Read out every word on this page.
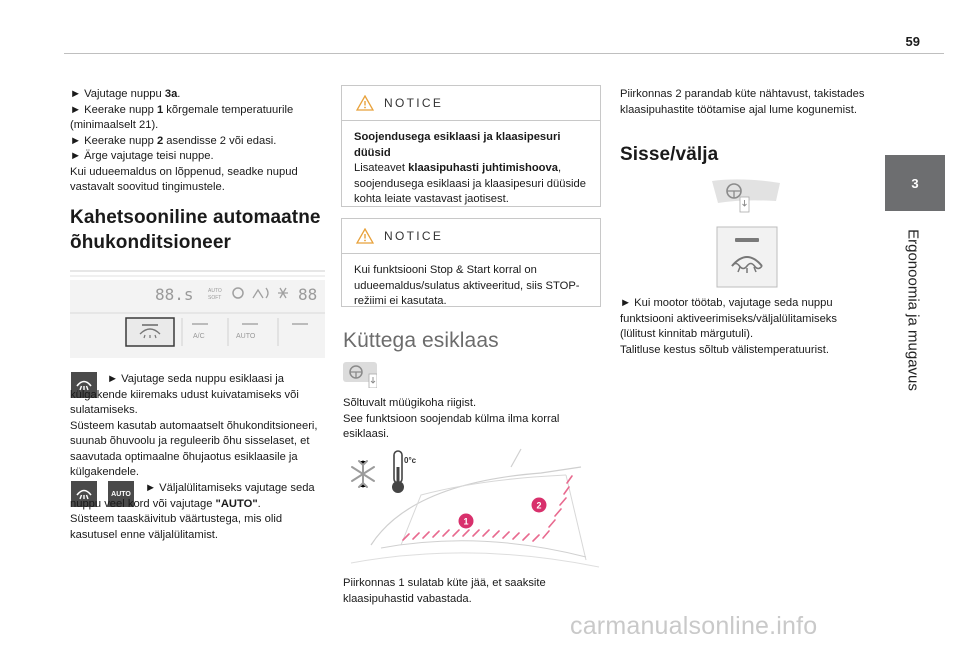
59
3
Ergonoomia ja mugavus

► Vajutage nuppu 3a.

► Keerake nupp 1 kõrgemale temperatuurile (minimaalselt 21).

► Keerake nupp 2 asendisse 2 või edasi.

► Ärge vajutage teisi nuppe.

Kui udueemaldus on lõppenud, seadke nupud vastavalt soovitud tingimustele.

Kahetsooniline automaatne õhukonditsioneer
88.s	AUTO
SOFT	88
A/C	AUTO

► Vajutage seda nuppu esiklaasi ja külgakende kiiremaks udust kuivatamiseks või sulatamiseks.

Süsteem kasutab automaatselt õhukonditsioneeri, suunab õhuvoolu ja reguleerib õhu sisselaset, et saavutada optimaalne õhujaotus esiklaasile ja külgakendele.

AUTO	► Väljalülitamiseks vajutage seda nuppu veel kord või vajutage "AUTO".

Süsteem taaskäivitub väärtustega, mis olid kasutusel enne väljalülitamist.

NOTICE

Soojendusega esiklaasi ja klaasipesuri düüsid

Lisateavet klaasipuhasti juhtimishoova, soojendusega esiklaasi ja klaasipesuri düüside kohta leiate vastavast jaotisest.

NOTICE

Kui funktsiooni Stop & Start korral on udueemaldus/sulatus aktiveeritud, siis STOP-režiimi ei kasutata.

Küttega esiklaas

Sõltuvalt müügikoha riigist.

See funktsioon soojendab külma ilma korral esiklaasi.

0°c
1
2
Piirkonnas 1 sulatab küte jää, et saaksite klaasipuhastid vabastada.
Piirkonnas 2 parandab küte nähtavust, takistades klaasipuhastite töötamise ajal lume kogunemist.
Sisse/välja

► Kui mootor töötab, vajutage seda nuppu funktsiooni aktiveerimiseks/väljalülitamiseks (lülitust kinnitab märgutuli).

Talitluse kestus sõltub välistemperatuurist.

carmanualsonline.info
